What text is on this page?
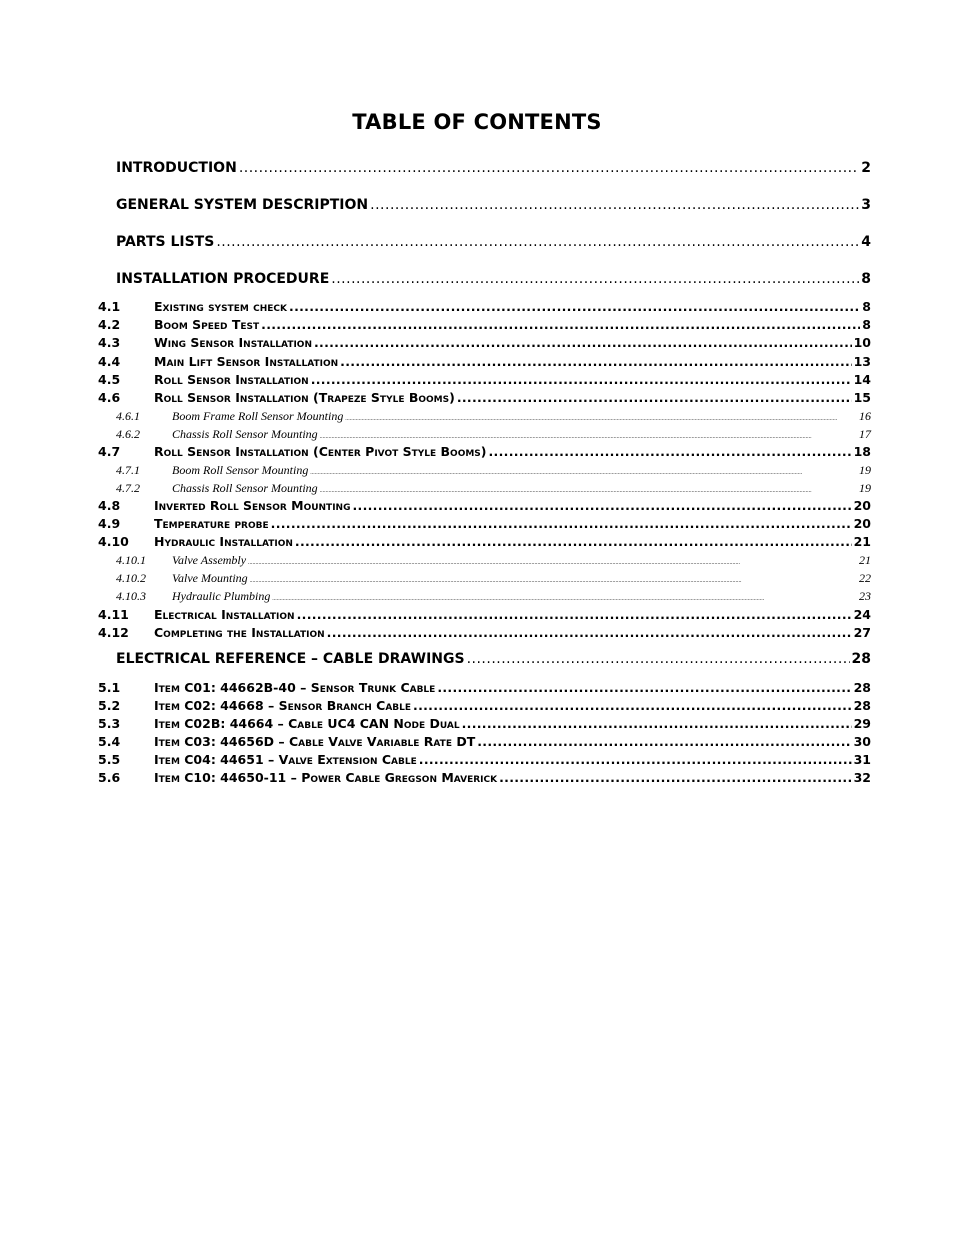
TABLE OF CONTENTS
INTRODUCTION .....	2
GENERAL SYSTEM DESCRIPTION .....	3
PARTS LISTS .....	4
INSTALLATION PROCEDURE .....	8
4.1	Existing system check .....	8
4.2	Boom Speed Test .....	8
4.3	Wing Sensor Installation .....	10
4.4	Main Lift Sensor Installation .....	13
4.5	Roll Sensor Installation .....	14
4.6	Roll Sensor Installation (Trapeze Style Booms) .....	15
4.6.1	Boom Frame Roll Sensor Mounting .....	16
4.6.2	Chassis Roll Sensor Mounting .....	17
4.7	Roll Sensor Installation (Center Pivot Style Booms) .....	18
4.7.1	Boom Roll Sensor Mounting .....	19
4.7.2	Chassis Roll Sensor Mounting .....	19
4.8	Inverted Roll Sensor Mounting .....	20
4.9	Temperature probe .....	20
4.10	Hydraulic Installation .....	21
4.10.1	Valve Assembly .....	21
4.10.2	Valve Mounting .....	22
4.10.3	Hydraulic Plumbing .....	23
4.11	Electrical Installation .....	24
4.12	Completing the Installation .....	27
ELECTRICAL REFERENCE – CABLE DRAWINGS .....	28
5.1	Item C01: 44662B-40 – Sensor Trunk Cable .....	28
5.2	Item C02: 44668 – Sensor Branch Cable .....	28
5.3	Item C02B: 44664 – Cable UC4 CAN Node Dual .....	29
5.4	Item C03: 44656D – Cable Valve Variable Rate DT .....	30
5.5	Item C04: 44651 – Valve Extension Cable .....	31
5.6	Item C10: 44650-11 – Power Cable Gregson Maverick .....	32
